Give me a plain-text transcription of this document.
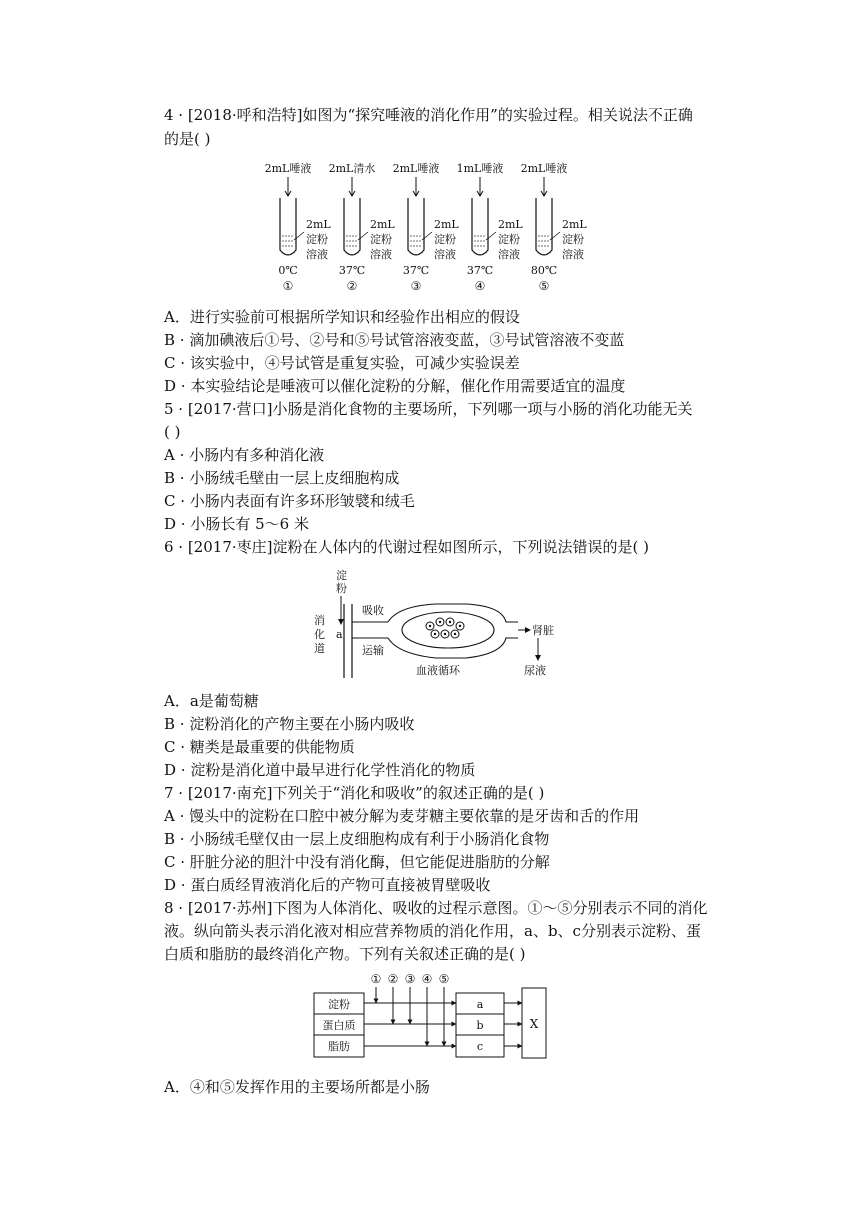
4 · [2018·呼和浩特]如图为“探究唾液的消化作用”的实验过程。相关说法不正确
的是( )
2mL唾液
2mL
淀粉
溶液
0℃
①
2mL清水
2mL
淀粉
溶液
37℃
②
2mL唾液
2mL
淀粉
溶液
37℃
③
1mL唾液
2mL
淀粉
溶液
37℃
④
2mL唾液
2mL
淀粉
溶液
80℃
⑤
A．进行实验前可根据所学知识和经验作出相应的假设
B · 滴加碘液后①号、②号和⑤号试管溶液变蓝，③号试管溶液不变蓝
C · 该实验中，④号试管是重复实验，可减少实验误差
D · 本实验结论是唾液可以催化淀粉的分解，催化作用需要适宜的温度
5 · [2017·营口]小肠是消化食物的主要场所，下列哪一项与小肠的消化功能无关
( )
A · 小肠内有多种消化液
B · 小肠绒毛壁由一层上皮细胞构成
C · 小肠内表面有许多环形皱襞和绒毛
D · 小肠长有 5～6 米
6 · [2017·枣庄]淀粉在人体内的代谢过程如图所示，下列说法错误的是( )
消
化
道
淀
粉
a
吸收
运输
肾脏
尿液
血液循环
A．a是葡萄糖
B · 淀粉消化的产物主要在小肠内吸收
C · 糖类是最重要的供能物质
D · 淀粉是消化道中最早进行化学性消化的物质
7 · [2017·南充]下列关于“消化和吸收”的叙述正确的是( )
A · 馒头中的淀粉在口腔中被分解为麦芽糖主要依靠的是牙齿和舌的作用
B · 小肠绒毛壁仅由一层上皮细胞构成有利于小肠消化食物
C · 肝脏分泌的胆汁中没有消化酶，但它能促进脂肪的分解
D · 蛋白质经胃液消化后的产物可直接被胃壁吸收
8 · [2017·苏州]下图为人体消化、吸收的过程示意图。①～⑤分别表示不同的消化
液。纵向箭头表示消化液对相应营养物质的消化作用，a、b、c分别表示淀粉、蛋
白质和脂肪的最终消化产物。下列有关叙述正确的是( )
① ② ③ ④ ⑤
淀粉
蛋白质
脂肪
a
b
c
X
A．④和⑤发挥作用的主要场所都是小肠
